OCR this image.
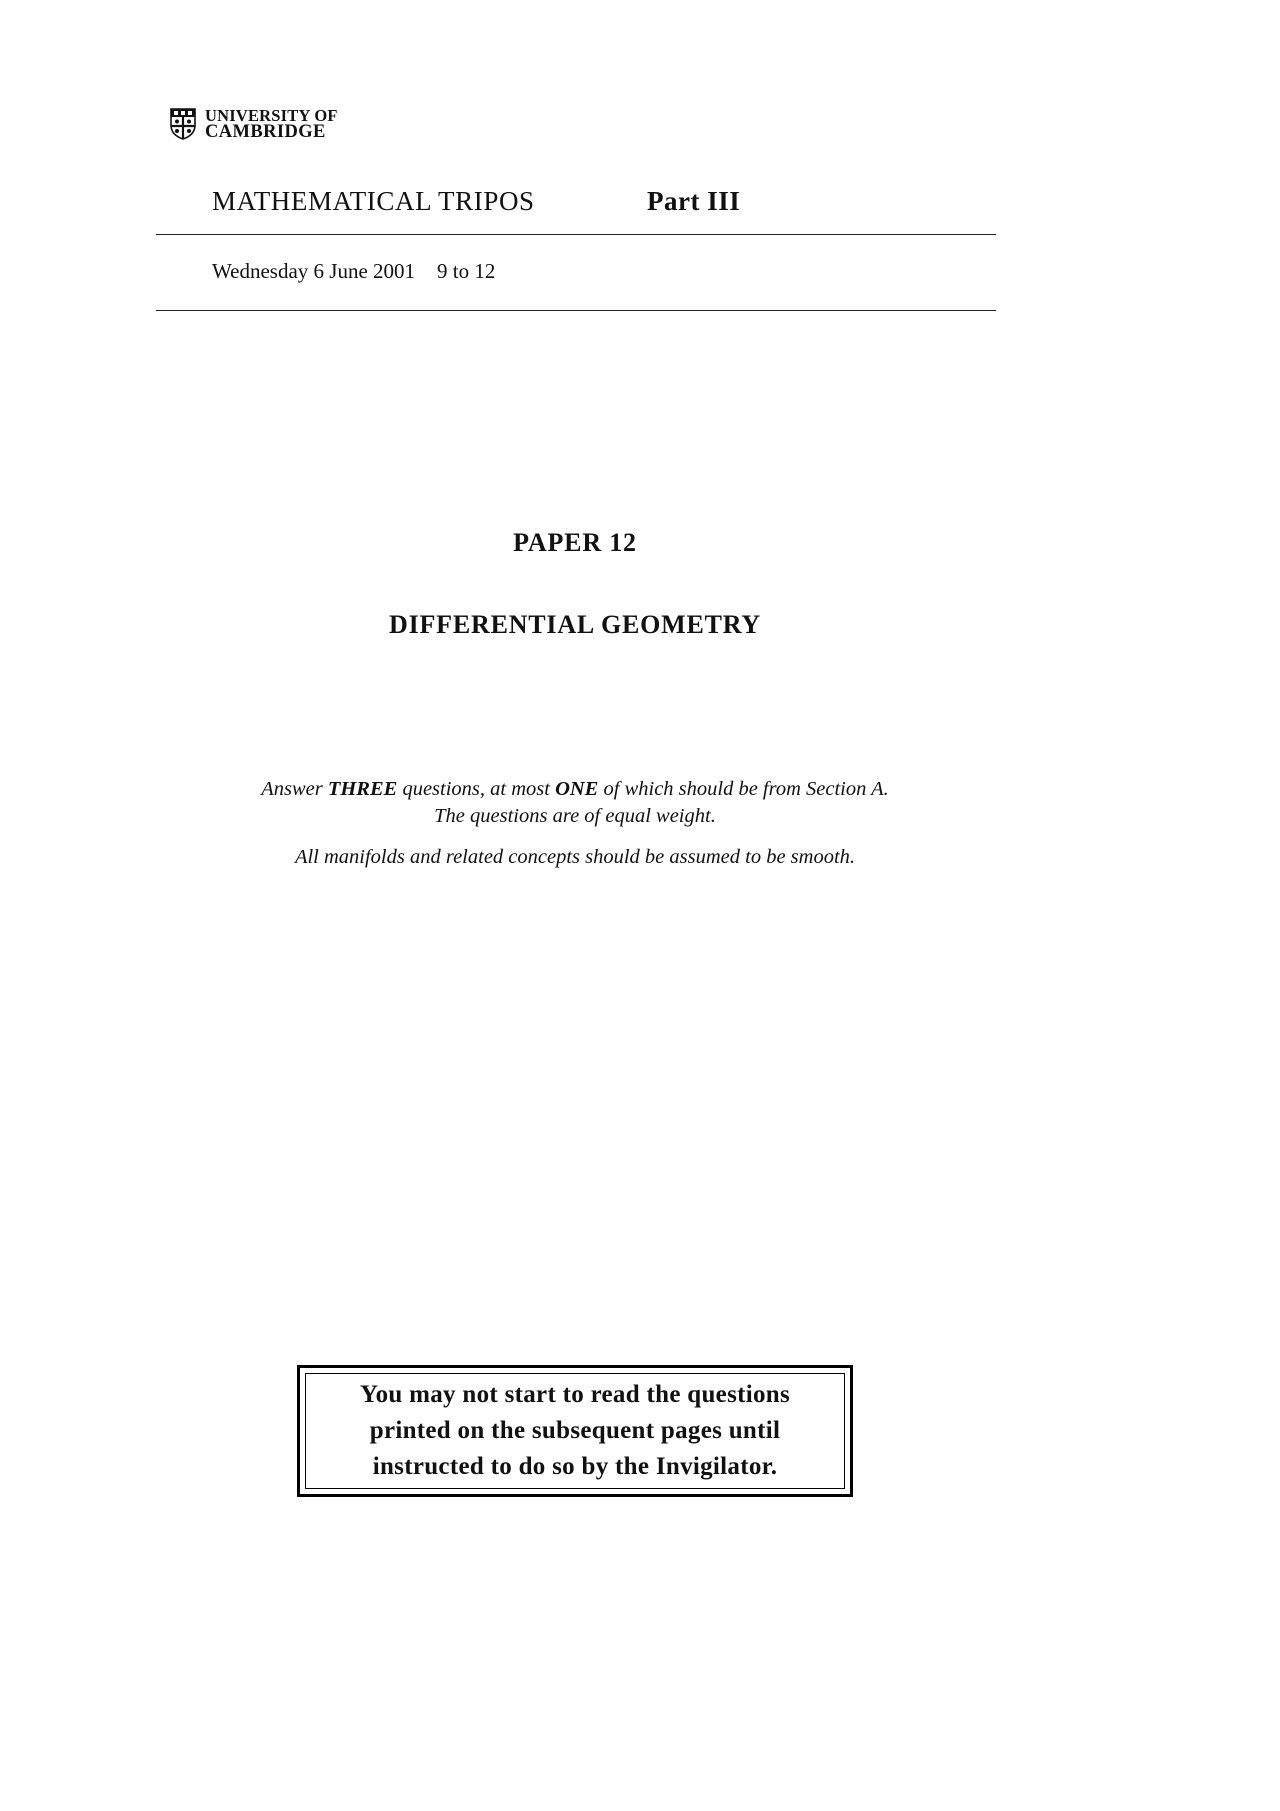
UNIVERSITY OF
CAMBRIDGE
MATHEMATICAL TRIPOS	Part III
Wednesday 6 June 2001 9 to 12
PAPER 12
DIFFERENTIAL GEOMETRY
Answer THREE questions, at most ONE of which should be from Section A.
The questions are of equal weight.
All manifolds and related concepts should be assumed to be smooth.
You may not start to read the questions
printed on the subsequent pages until
instructed to do so by the Invigilator.
